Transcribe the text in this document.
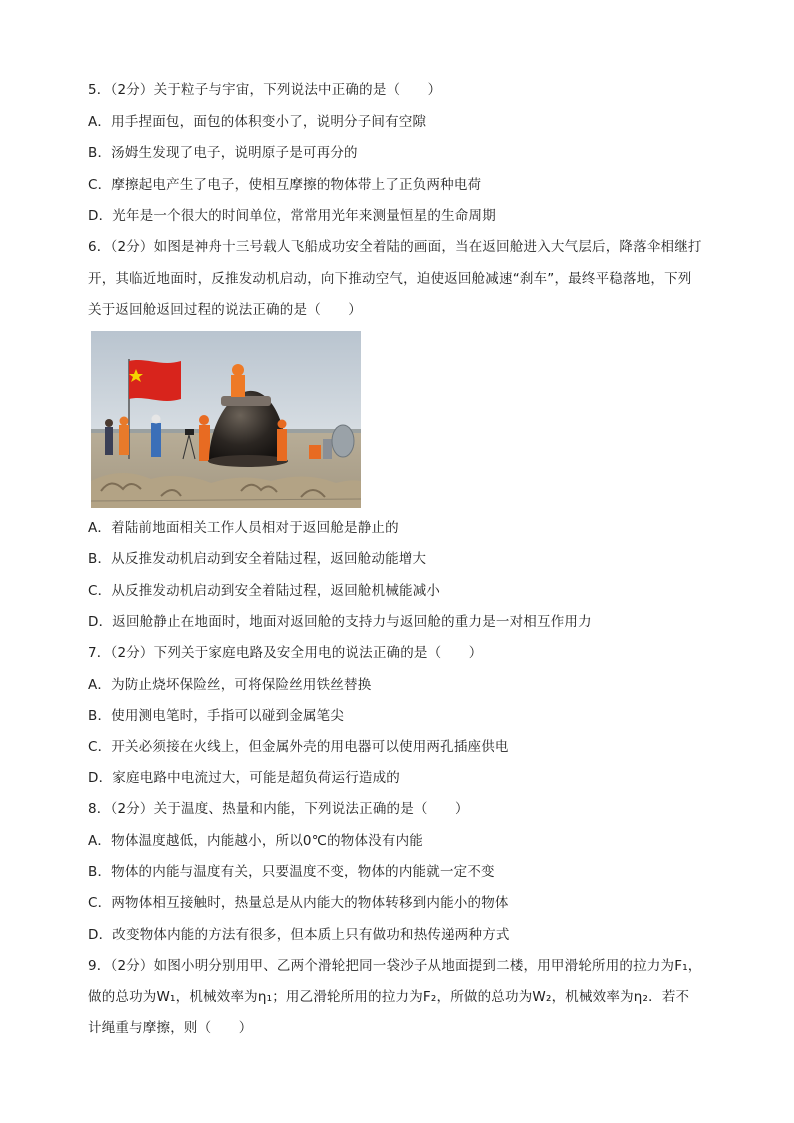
5．（2分）关于粒子与宇宙，下列说法中正确的是（　　）
A．用手捏面包，面包的体积变小了，说明分子间有空隙
B．汤姆生发现了电子，说明原子是可再分的
C．摩擦起电产生了电子，使相互摩擦的物体带上了正负两种电荷
D．光年是一个很大的时间单位，常常用光年来测量恒星的生命周期
6．（2分）如图是神舟十三号载人飞船成功安全着陆的画面，当在返回舱进入大气层后，降落伞相继打
开，其临近地面时，反推发动机启动，向下推动空气，迫使返回舱减速“刹车”，最终平稳落地，下列
关于返回舱返回过程的说法正确的是（　　）
A．着陆前地面相关工作人员相对于返回舱是静止的
B．从反推发动机启动到安全着陆过程，返回舱动能增大
C．从反推发动机启动到安全着陆过程，返回舱机械能减小
D．返回舱静止在地面时，地面对返回舱的支持力与返回舱的重力是一对相互作用力
7．（2分）下列关于家庭电路及安全用电的说法正确的是（　　）
A．为防止烧坏保险丝，可将保险丝用铁丝替换
B．使用测电笔时，手指可以碰到金属笔尖
C．开关必须接在火线上，但金属外壳的用电器可以使用两孔插座供电
D．家庭电路中电流过大，可能是超负荷运行造成的
8．（2分）关于温度、热量和内能，下列说法正确的是（　　）
A．物体温度越低，内能越小，所以0℃的物体没有内能
B．物体的内能与温度有关，只要温度不变，物体的内能就一定不变
C．两物体相互接触时，热量总是从内能大的物体转移到内能小的物体
D．改变物体内能的方法有很多，但本质上只有做功和热传递两种方式
9．（2分）如图小明分别用甲、乙两个滑轮把同一袋沙子从地面提到二楼，用甲滑轮所用的拉力为F₁，
做的总功为W₁，机械效率为η₁；用乙滑轮所用的拉力为F₂，所做的总功为W₂，机械效率为η₂．若不
计绳重与摩擦，则（　　）
